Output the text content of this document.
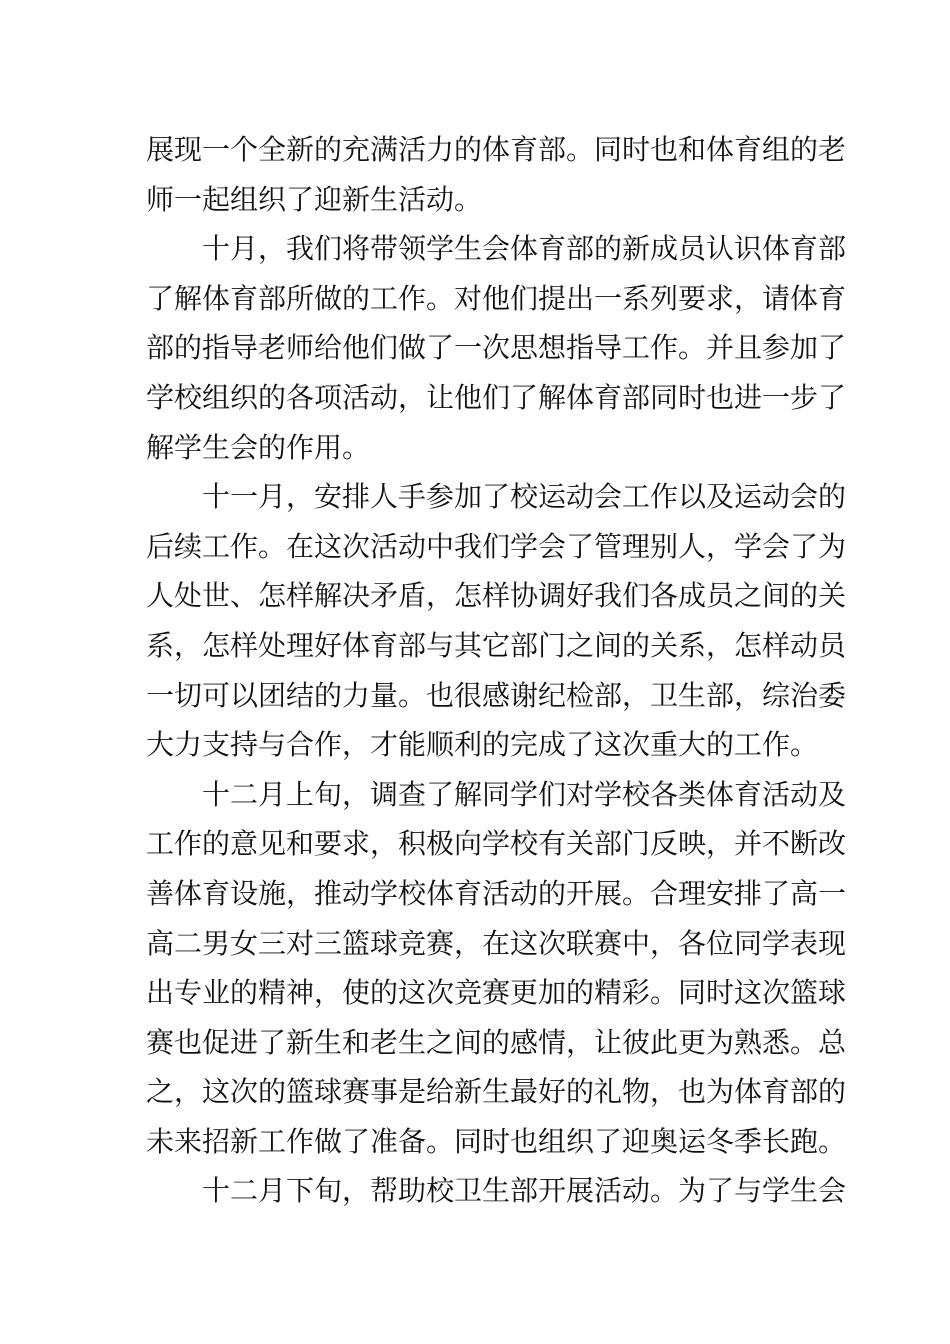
展现一个全新的充满活力的体育部。同时也和体育组的老
师一起组织了迎新生活动。
十月，我们将带领学生会体育部的新成员认识体育部
了解体育部所做的工作。对他们提出一系列要求，请体育
部的指导老师给他们做了一次思想指导工作。并且参加了
学校组织的各项活动，让他们了解体育部同时也进一步了
解学生会的作用。
十一月，安排人手参加了校运动会工作以及运动会的
后续工作。在这次活动中我们学会了管理别人，学会了为
人处世、怎样解决矛盾，怎样协调好我们各成员之间的关
系，怎样处理好体育部与其它部门之间的关系，怎样动员
一切可以团结的力量。也很感谢纪检部，卫生部，综治委
大力支持与合作，才能顺利的完成了这次重大的工作。
十二月上旬，调查了解同学们对学校各类体育活动及
工作的意见和要求，积极向学校有关部门反映，并不断改
善体育设施，推动学校体育活动的开展。合理安排了高一
高二男女三对三篮球竞赛，在这次联赛中，各位同学表现
出专业的精神，使的这次竞赛更加的精彩。同时这次篮球
赛也促进了新生和老生之间的感情，让彼此更为熟悉。总
之，这次的篮球赛事是给新生最好的礼物，也为体育部的
未来招新工作做了准备。同时也组织了迎奥运冬季长跑。
十二月下旬，帮助校卫生部开展活动。为了与学生会
